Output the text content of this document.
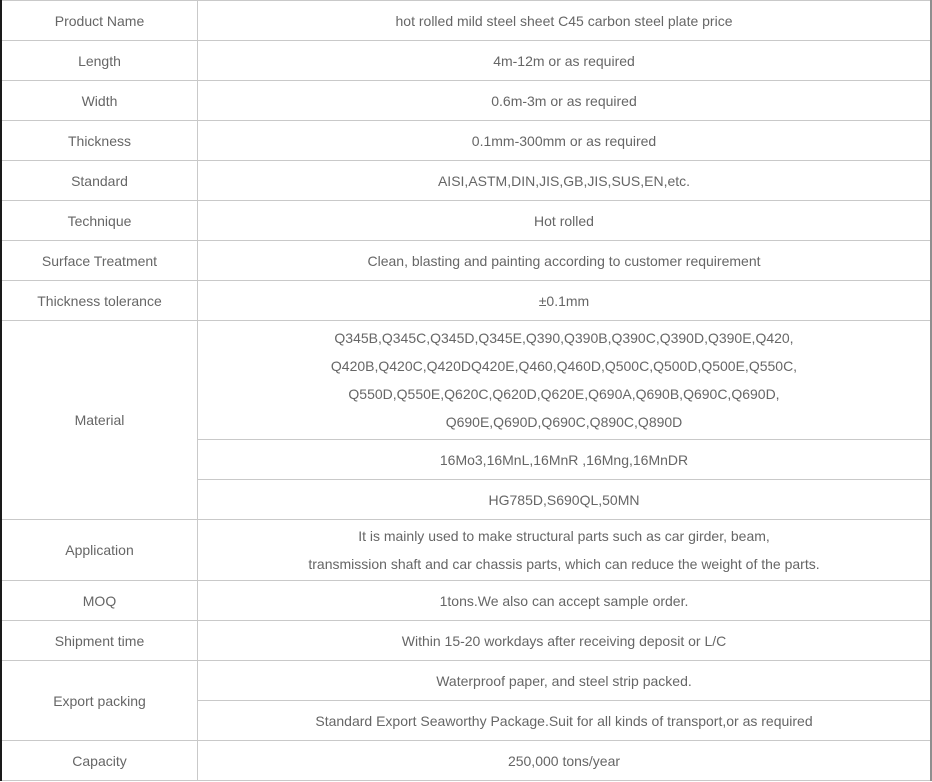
Product Name	hot rolled mild steel sheet C45 carbon steel plate price
Length	4m-12m or as required
Width	0.6m-3m or as required
Thickness	0.1mm-300mm or as required
Standard	AISI,ASTM,DIN,JIS,GB,JIS,SUS,EN,etc.
Technique	Hot rolled
Surface Treatment	Clean, blasting and painting according to customer requirement
Thickness tolerance	±0.1mm
Material	Q345B,Q345C,Q345D,Q345E,Q390,Q390B,Q390C,Q390D,Q390E,Q420,
Q420B,Q420C,Q420DQ420E,Q460,Q460D,Q500C,Q500D,Q500E,Q550C,
Q550D,Q550E,Q620C,Q620D,Q620E,Q690A,Q690B,Q690C,Q690D,
Q690E,Q690D,Q690C,Q890C,Q890D

	16Mo3,16MnL,16MnR ,16Mng,16MnDR
	HG785D,S690QL,50MN
Application	It is mainly used to make structural parts such as car girder, beam,
transmission shaft and car chassis parts, which can reduce the weight of the parts.

MOQ	1tons.We also can accept sample order.
Shipment time	Within 15-20 workdays after receiving deposit or L/C
Export packing	Waterproof paper, and steel strip packed.
	Standard Export Seaworthy Package.Suit for all kinds of transport,or as required
Capacity	250,000 tons/year
